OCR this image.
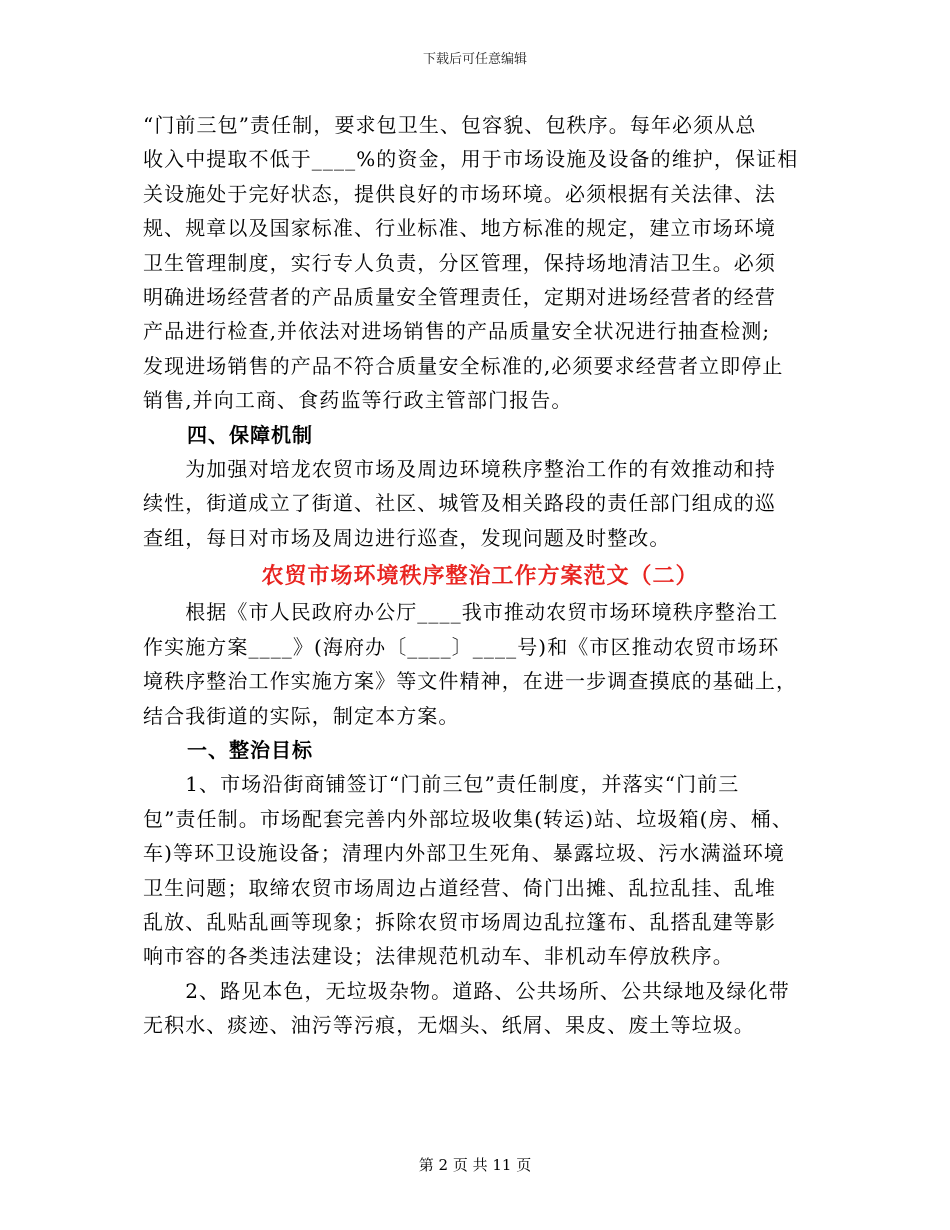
下载后可任意编辑

“门前三包”责任制，要求包卫生、包容貌、包秩序。每年必须从总
收入中提取不低于____%的资金，用于市场设施及设备的维护，保证相
关设施处于完好状态，提供良好的市场环境。必须根据有关法律、法
规、规章以及国家标准、行业标准、地方标准的规定，建立市场环境
卫生管理制度，实行专人负责，分区管理，保持场地清洁卫生。必须
明确进场经营者的产品质量安全管理责任，定期对进场经营者的经营
产品进行检查,并依法对进场销售的产品质量安全状况进行抽查检测;
发现进场销售的产品不符合质量安全标准的,必须要求经营者立即停止
销售,并向工商、食药监等行政主管部门报告。

四、保障机制

　　为加强对培龙农贸市场及周边环境秩序整治工作的有效推动和持
续性，街道成立了街道、社区、城管及相关路段的责任部门组成的巡
查组，每日对市场及周边进行巡查，发现问题及时整改。

农贸市场环境秩序整治工作方案范文（二）

　　根据《市人民政府办公厅____我市推动农贸市场环境秩序整治工
作实施方案____》(海府办〔____〕____号)和《市区推动农贸市场环
境秩序整治工作实施方案》等文件精神，在进一步调查摸底的基础上，
结合我街道的实际，制定本方案。

一、整治目标

　　1、市场沿街商铺签订“门前三包”责任制度，并落实“门前三
包”责任制。市场配套完善内外部垃圾收集(转运)站、垃圾箱(房、桶、
车)等环卫设施设备；清理内外部卫生死角、暴露垃圾、污水满溢环境
卫生问题；取缔农贸市场周边占道经营、倚门出摊、乱拉乱挂、乱堆
乱放、乱贴乱画等现象；拆除农贸市场周边乱拉篷布、乱搭乱建等影
响市容的各类违法建设；法律规范机动车、非机动车停放秩序。

　　2、路见本色，无垃圾杂物。道路、公共场所、公共绿地及绿化带
无积水、痰迹、油污等污痕，无烟头、纸屑、果皮、废土等垃圾。

第 2 页 共 11 页
